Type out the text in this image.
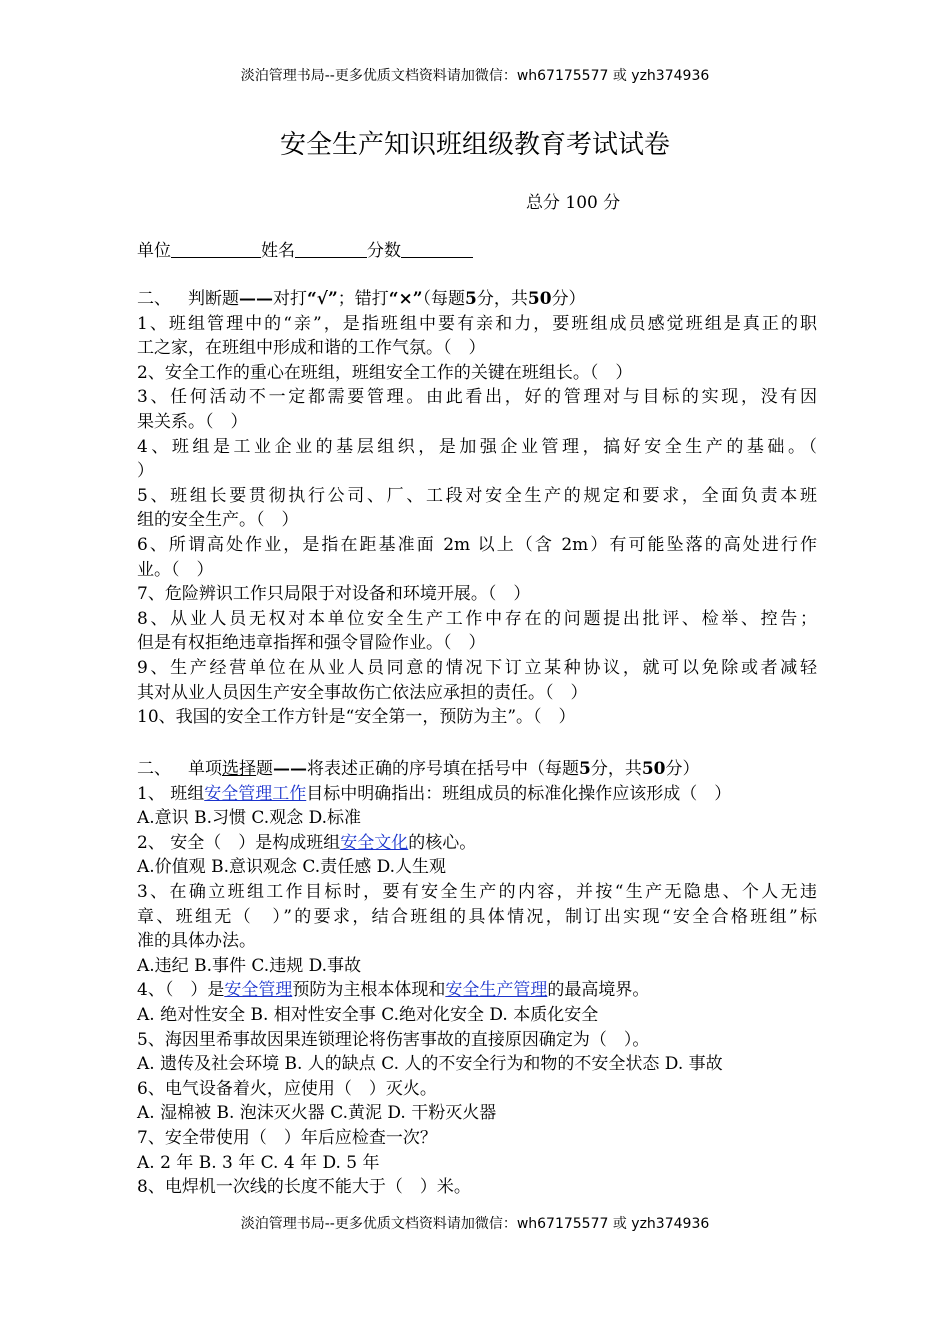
淡泊管理书局--更多优质文档资料请加微信：wh67175577 或 yzh374936
安全生产知识班组级教育考试试卷
总分 100 分
单位	姓名	分数
二、 判断题——对打“√”；错打“×”（每题5分，共50分）
1、班组管理中的“亲”，是指班组中要有亲和力，要班组成员感觉班组是真正的职
工之家，在班组中形成和谐的工作气氛。（　）
2、安全工作的重心在班组，班组安全工作的关键在班组长。（　）
3、任何活动不一定都需要管理。由此看出，好的管理对与目标的实现，没有因
果关系。（　）
4、班组是工业企业的基层组织，是加强企业管理，搞好安全生产的基础。（
）
5、班组长要贯彻执行公司、厂、工段对安全生产的规定和要求，全面负责本班
组的安全生产。（　）
6、所谓高处作业，是指在距基准面 2m 以上（含 2m）有可能坠落的高处进行作
业。（　）
7、危险辨识工作只局限于对设备和环境开展。（　）
8、从业人员无权对本单位安全生产工作中存在的问题提出批评、检举、控告；
但是有权拒绝违章指挥和强令冒险作业。（　）
9、生产经营单位在从业人员同意的情况下订立某种协议，就可以免除或者减轻
其对从业人员因生产安全事故伤亡依法应承担的责任。（　）
10、我国的安全工作方针是“安全第一，预防为主”。（　）
二、 单项选择题——将表述正确的序号填在括号中（每题5分，共50分）
1、 班组安全管理工作目标中明确指出：班组成员的标准化操作应该形成（　）
A.意识 B.习惯 C.观念 D.标准
2、 安全（　）是构成班组安全文化的核心。
A.价值观 B.意识观念 C.责任感 D.人生观
3、在确立班组工作目标时，要有安全生产的内容，并按“生产无隐患、个人无违
章、班组无（　）”的要求，结合班组的具体情况，制订出实现“安全合格班组”标
准的具体办法。
A.违纪 B.事件 C.违规 D.事故
4、（　）是安全管理预防为主根本体现和安全生产管理的最高境界。
A. 绝对性安全 B. 相对性安全事 C.绝对化安全 D. 本质化安全
5、海因里希事故因果连锁理论将伤害事故的直接原因确定为（　）。
A. 遗传及社会环境 B. 人的缺点 C. 人的不安全行为和物的不安全状态 D. 事故
6、电气设备着火，应使用（　）灭火。
A. 湿棉被 B. 泡沫灭火器 C.黄泥 D. 干粉灭火器
7、安全带使用（　）年后应检查一次？
A. 2 年 B. 3 年 C. 4 年 D. 5 年
8、电焊机一次线的长度不能大于（　）米。
淡泊管理书局--更多优质文档资料请加微信：wh67175577 或 yzh374936
